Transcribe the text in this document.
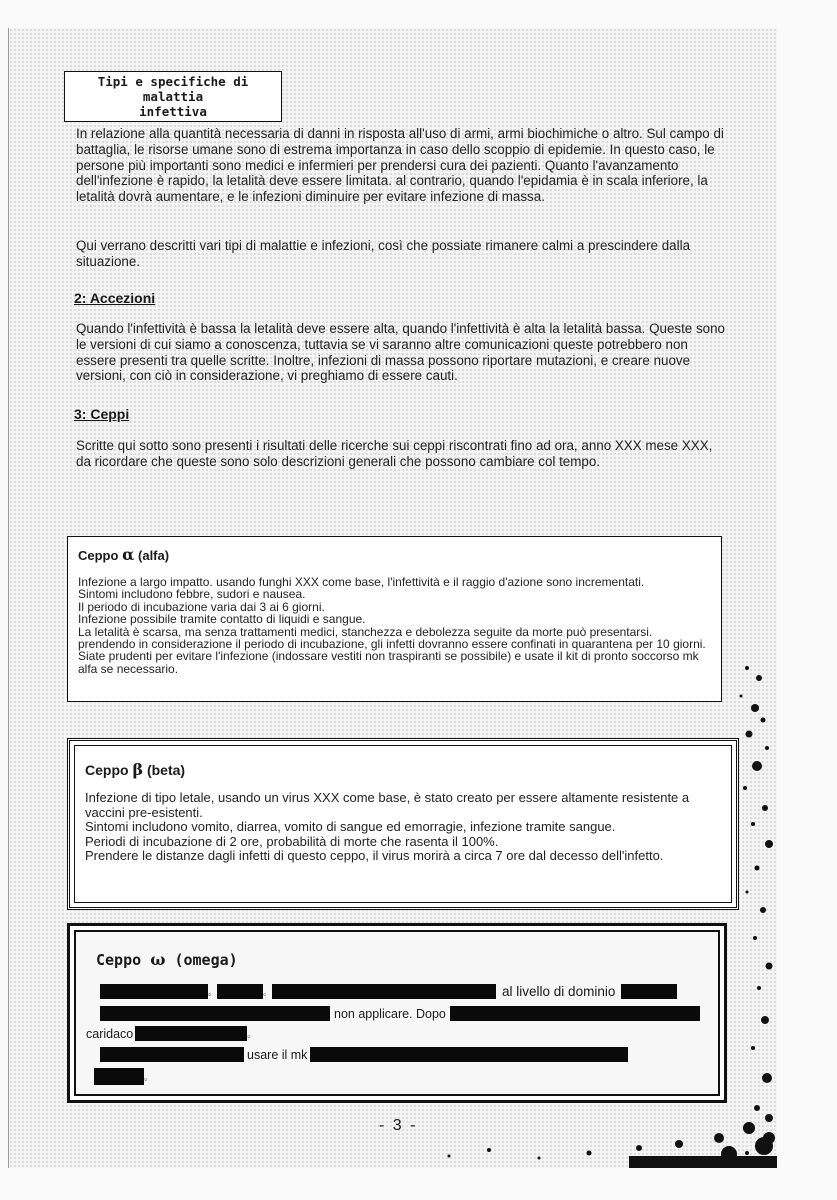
Tipi e specifiche di malattia
infettiva

In relazione alla quantità necessaria di danni in risposta all'uso di armi, armi biochimiche o altro. Sul campo di battaglia, le risorse umane sono di estrema importanza in caso dello scoppio di epidemie. In questo caso, le persone più importanti sono medici e infermieri per prendersi cura dei pazienti. Quanto l'avanzamento dell'infezione è rapido, la letalità deve essere limitata. al contrario, quando l'epidamia è in scala inferiore, la letalità dovrà aumentare, e le infezioni diminuire per evitare infezione di massa.

Qui verrano descritti vari tipi di malattie e infezioni, così che possiate rimanere calmi a prescindere dalla situazione.

2: Accezioni

Quando l'infettività è bassa la letalità deve essere alta, quando l'infettività è alta la letalità bassa. Queste sono le versioni di cui siamo a conoscenza, tuttavia se vi saranno altre comunicazioni queste potrebbero non essere presenti tra quelle scritte. Inoltre, infezioni di massa possono riportare mutazioni, e creare nuove versioni, con ciò in considerazione, vi preghiamo di essere cauti.

3: Ceppi

Scritte qui sotto sono presenti i risultati delle ricerche sui ceppi riscontrati fino ad ora, anno XXX mese XXX, da ricordare che queste sono solo descrizioni generali che possono cambiare col tempo.

Ceppo α (alfa)

Infezione a largo impatto. usando funghi XXX come base, l'infettività e il raggio d'azione sono incrementati.

Sintomi includono febbre, sudori e nausea.

Il periodo di incubazione varia dai 3 ai 6 giorni.

Infezione possibile tramite contatto di liquidi e sangue.

La letalità è scarsa, ma senza trattamenti medici, stanchezza e debolezza seguite da morte può presentarsi.

prendendo in considerazione il periodo di incubazione, gli infetti dovranno essere confinati in quarantena per 10 giorni.

Siate prudenti per evitare l'infezione (indossare vestiti non traspiranti se possibile) e usate il kit di pronto soccorso mk alfa se necessario.

Ceppo β (beta)

Infezione di tipo letale, usando un virus XXX come base, è stato creato per essere altamente resistente a vaccini pre-esistenti.

Sintomi includono vomito, diarrea, vomito di sangue ed emorragie, infezione tramite sangue.

Periodi di incubazione di 2 ore, probabilità di morte che rasenta il 100%.

Prendere le distanze dagli infetti di questo ceppo, il virus morirà a circa 7 ore dal decesso dell'infetto.

Ceppo ω (omega)

。	。	al livello di dominio
non applicare. Dopo
caridaco	。
usare il mk
。
- 3 -
